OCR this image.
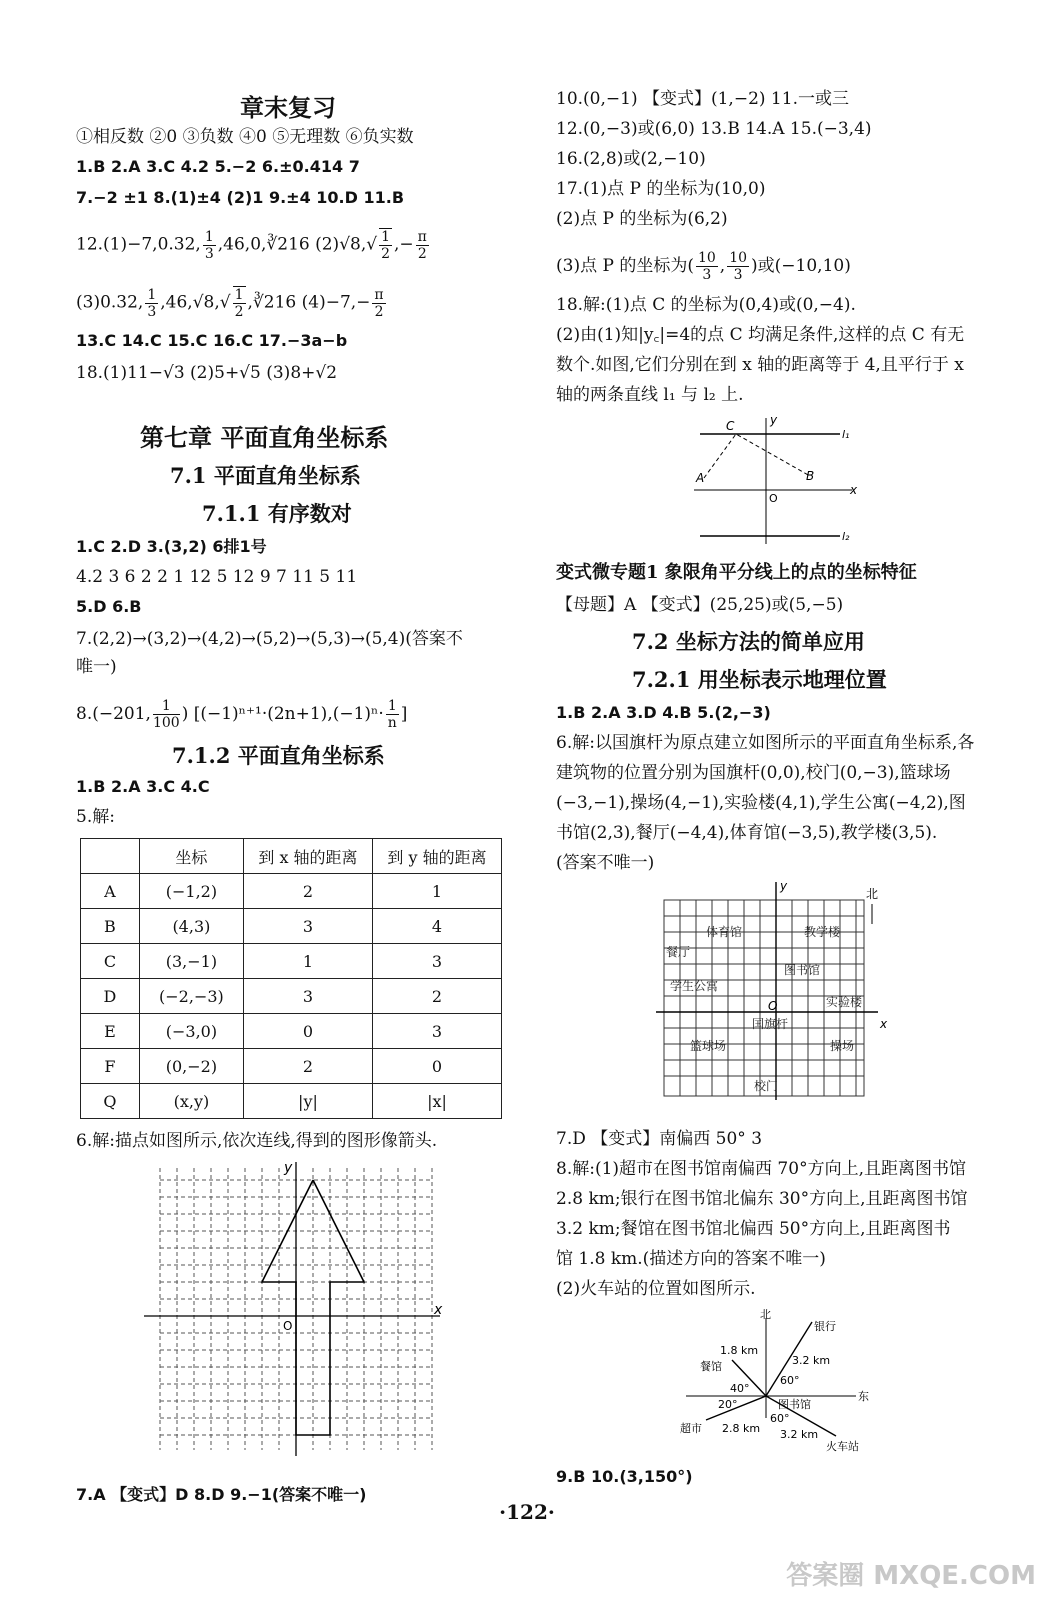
章末复习
①相反数 ②0 ③负数 ④0 ⑤无理数 ⑥负实数
1.B 2.A 3.C 4.2 5.−2 6.±0.414 7
7.−2 ±1 8.(1)±4 (2)1 9.±4 10.D 11.B
12.(1)−7,0.32, $\frac{1}{3}$ ,46,0,∛216 $(2)√8,√ \frac{1}{2}$ ,− $\frac{\pi}{2}$
(3)0.32, $\frac{1}{3} ,46,√8,√ \frac{1}{2}$ ,∛216 $(4)-7,- \frac{\pi}{2}$
13.C 14.C 15.C 16.C 17.−3a−b
18.(1)11−√3 (2)5+√5 (3)8+√2
第七章 平面直角坐标系
7.1 平面直角坐标系
7.1.1 有序数对
1.C 2.D 3.(3,2) 6排1号
4.2 3 6 2 2 1 12 5 12 9 7 11 5 11
5.D 6.B
7.(2,2)→(3,2)→(4,2)→(5,2)→(5,3)→(5,4)(答案不
唯一)
8.(−201, $\frac{1}{100}$ ) [$(-1)^{n+1}\cdot(2n+1),(-1)^n\cdot \frac{1}{n}$ ]
7.1.2 平面直角坐标系
1.B 2.A 3.C 4.C
5.解:
	坐标	到 x 轴的距离	到 y 轴的距离
A	(−1,2)	2	1
B	(4,3)	3	4
C	(3,−1)	1	3
D	(−2,−3)	3	2
E	(−3,0)	0	3
F	(0,−2)	2	0
Q	(x,y)	|y|	|x|
6.解:描点如图所示,依次连线,得到的图形像箭头.
y
x
O
7.A 【变式】D 8.D 9.−1(答案不唯一)
10.(0,−1) 【变式】(1,−2) 11.一或三
12.(0,−3)或(6,0) 13.B 14.A 15.(−3,4)
16.(2,8)或(2,−10)
17.(1)点 P 的坐标为(10,0)
(2)点 P 的坐标为(6,2)
(3)点 P 的坐标为( $\frac{10}{3}$ , $\frac{10}{3}$ )或(−10,10)
18.解:(1)点 C 的坐标为(0,4)或(0,−4).
(2)由(1)知|y꜀|=4的点 C 均满足条件,这样的点 C 有无
数个.如图,它们分别在到 x 轴的距离等于 4,且平行于 x
轴的两条直线 l₁ 与 l₂ 上.
C
A	B
O
x
y
l₁
l₂
变式微专题1 象限角平分线上的点的坐标特征
【母题】A 【变式】(25,25)或(5,−5)
7.2 坐标方法的简单应用
7.2.1 用坐标表示地理位置
1.B 2.A 3.D 4.B 5.(2,−3)
6.解:以国旗杆为原点建立如图所示的平面直角坐标系,各
建筑物的位置分别为国旗杆(0,0),校门(0,−3),篮球场
(−3,−1),操场(4,−1),实验楼(4,1),学生公寓(−4,2),图
书馆(2,3),餐厅(−4,4),体育馆(−3,5),教学楼(3,5).
(答案不唯一)
北
y
x
O
体育馆	教学楼
餐厅
图书馆
学生公寓
实验楼
国旗杆
篮球场	操场
校门
7.D 【变式】南偏西 50° 3
8.解:(1)超市在图书馆南偏西 70°方向上,且距离图书馆
2.8 km;银行在图书馆北偏东 30°方向上,且距离图书馆
3.2 km;餐馆在图书馆北偏西 50°方向上,且距离图书
馆 1.8 km.(描述方向的答案不唯一)
(2)火车站的位置如图所示.
北
东
银行
餐馆
图书馆
超市
火车站
1.8 km
3.2 km
2.8 km 3.2 km
40°
60°
20°
60°
9.B 10.(3,150°)
·122·
答案圈 MXQE.COM
